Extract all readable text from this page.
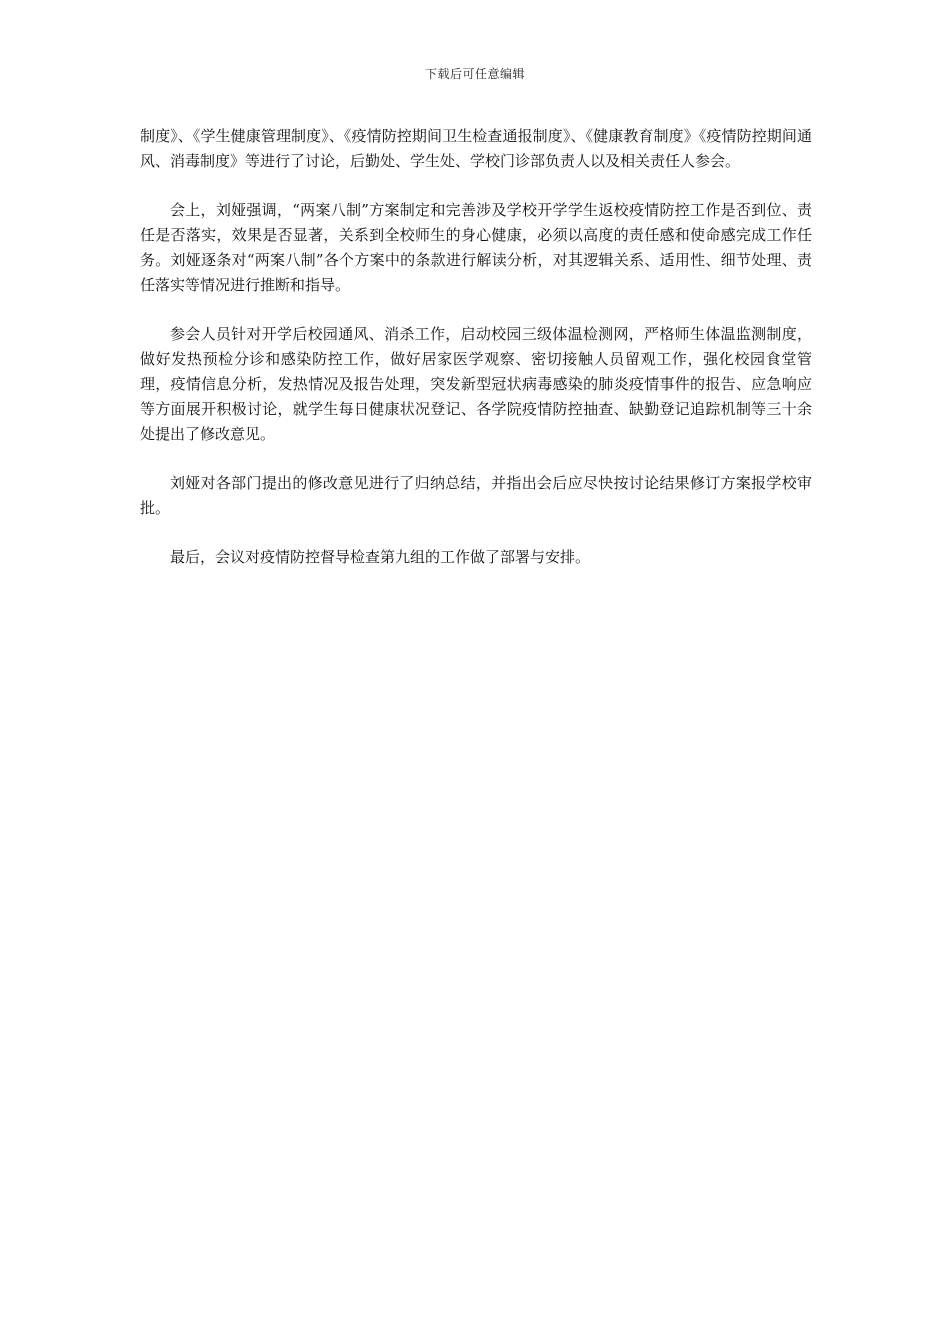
下载后可任意编辑

制度》、《学生健康管理制度》、《疫情防控期间卫生检查通报制度》、《健康教育制度》《疫情防控期间通风、消毒制度》等进行了讨论，后勤处、学生处、学校门诊部负责人以及相关责任人参会。

会上，刘娅强调，“两案八制”方案制定和完善涉及学校开学学生返校疫情防控工作是否到位、责任是否落实，效果是否显著，关系到全校师生的身心健康，必须以高度的责任感和使命感完成工作任务。刘娅逐条对“两案八制”各个方案中的条款进行解读分析，对其逻辑关系、适用性、细节处理、责任落实等情况进行推断和指导。

参会人员针对开学后校园通风、消杀工作，启动校园三级体温检测网，严格师生体温监测制度，做好发热预检分诊和感染防控工作，做好居家医学观察、密切接触人员留观工作，强化校园食堂管理，疫情信息分析，发热情况及报告处理，突发新型冠状病毒感染的肺炎疫情事件的报告、应急响应等方面展开积极讨论，就学生每日健康状况登记、各学院疫情防控抽查、缺勤登记追踪机制等三十余处提出了修改意见。

刘娅对各部门提出的修改意见进行了归纳总结，并指出会后应尽快按讨论结果修订方案报学校审批。

最后，会议对疫情防控督导检查第九组的工作做了部署与安排。
